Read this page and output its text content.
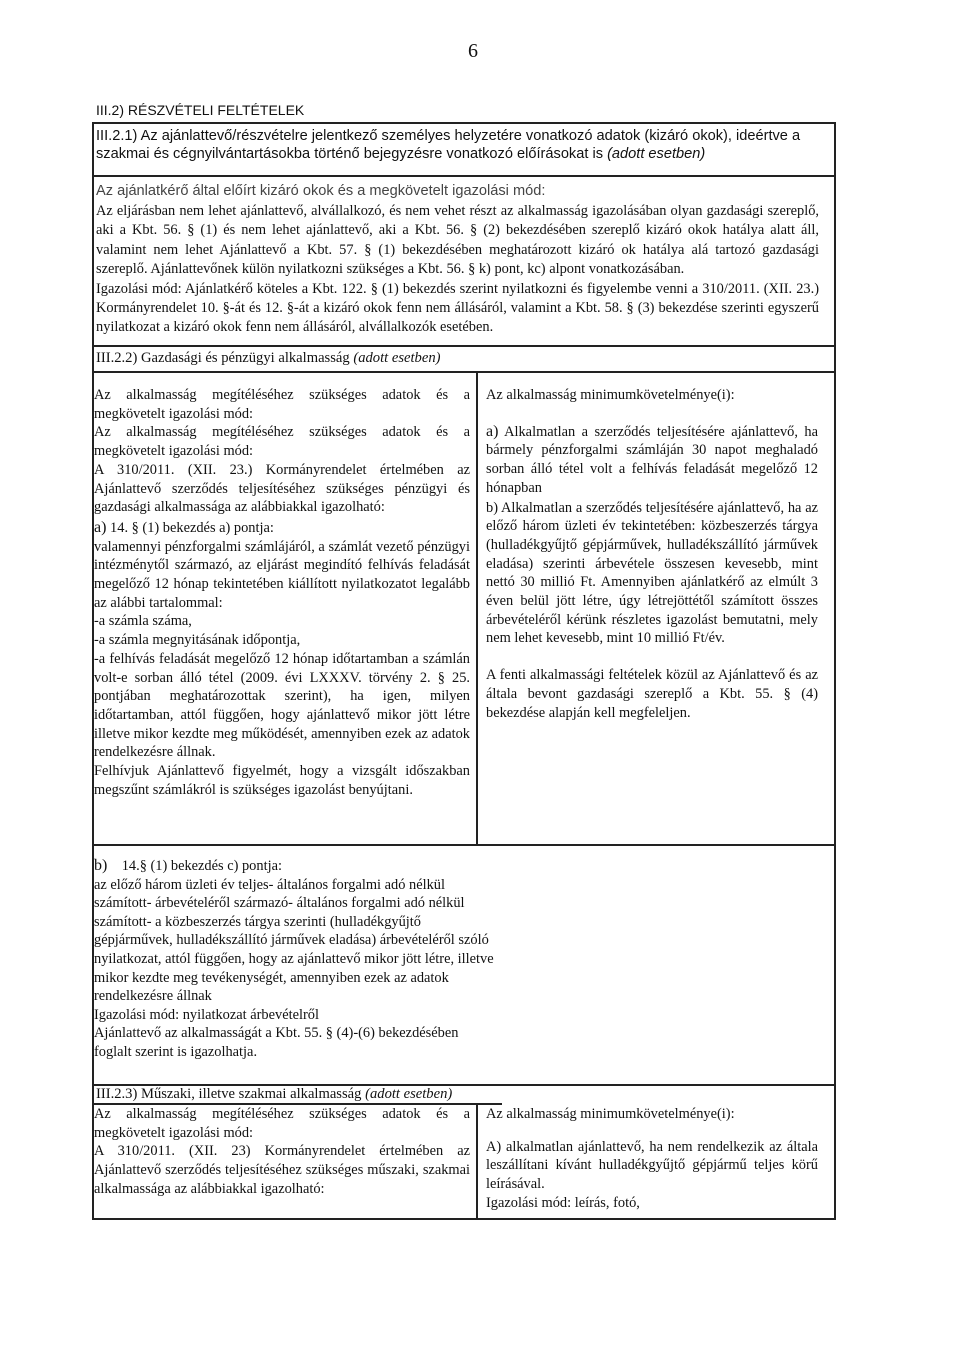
6
III.2) RÉSZVÉTELI FELTÉTELEK
III.2.1) Az ajánlattevő/részvételre jelentkező személyes helyzetére vonatkozó adatok (kizáró okok), ideértve a szakmai és cégnyilvántartásokba történő bejegyzésre vonatkozó előírásokat is (adott esetben)
Az ajánlatkérő által előírt kizáró okok és a megkövetelt igazolási mód:

Az eljárásban nem lehet ajánlattevő, alvállalkozó, és nem vehet részt az alkalmasság igazolásában olyan gazdasági szereplő, aki a Kbt. 56. § (1) és nem lehet ajánlattevő, aki a Kbt. 56. § (2) bekezdésében szereplő kizáró okok hatálya alatt áll, valamint nem lehet Ajánlattevő a Kbt. 57. § (1) bekezdésében meghatározott kizáró ok hatálya alá tartozó gazdasági szereplő. Ajánlattevőnek külön nyilatkozni szükséges a Kbt. 56. § k) pont, kc) alpont vonatkozásában.

Igazolási mód: Ajánlatkérő köteles a Kbt. 122. § (1) bekezdés szerint nyilatkozni és figyelembe venni a 310/2011. (XII. 23.) Kormányrendelet 10. §-át és 12. §-át a kizáró okok fenn nem állásáról, valamint a Kbt. 58. § (3) bekezdése szerinti egyszerű nyilatkozat a kizáró okok fenn nem állásáról, alvállalkozók esetében.

III.2.2) Gazdasági és pénzügyi alkalmasság (adott esetben)

Az alkalmasság megítéléséhez szükséges adatok és a megkövetelt igazolási mód:

Az alkalmasság megítéléséhez szükséges adatok és a megkövetelt igazolási mód:

A 310/2011. (XII. 23.) Kormányrendelet értelmében az Ajánlattevő szerződés teljesítéséhez szükséges pénzügyi és gazdasági alkalmassága az alábbiakkal igazolható:

a) 14. § (1) bekezdés a) pontja:

valamennyi pénzforgalmi számlájáról, a számlát vezető pénzügyi intézménytől származó, az eljárást megindító felhívás feladását megelőző 12 hónap tekintetében kiállított nyilatkozatot legalább az alábbi tartalommal:

-a számla száma,

-a számla megnyitásának időpontja,

-a felhívás feladását megelőző 12 hónap időtartamban a számlán volt-e sorban álló tétel (2009. évi LXXXV. törvény 2. § 25. pontjában meghatározottak szerint), ha igen, milyen időtartamban, attól függően, hogy ajánlattevő mikor jött létre illetve mikor kezdte meg működését, amennyiben ezek az adatok rendelkezésre állnak.

Felhívjuk Ajánlattevő figyelmét, hogy a vizsgált időszakban megszűnt számlákról is szükséges igazolást benyújtani.

Az alkalmasság minimumkövetelménye(i):

a) Alkalmatlan a szerződés teljesítésére ajánlattevő, ha bármely pénzforgalmi számláján 30 napot meghaladó sorban álló tétel volt a felhívás feladását megelőző 12 hónapban

b) Alkalmatlan a szerződés teljesítésére ajánlattevő, ha az előző három üzleti év tekintetében: közbeszerzés tárgya (hulladékgyűjtő gépjárművek, hulladékszállító járművek eladása) szerinti árbevétele összesen kevesebb, mint nettó 30 millió Ft. Amennyiben ajánlatkérő az elmúlt 3 éven belül jött létre, úgy létrejöttétől számított összes árbevételéről kérünk részletes igazolást bemutatni, mely nem lehet kevesebb, mint 10 millió Ft/év.

A fenti alkalmassági feltételek közül az Ajánlattevő és az általa bevont gazdasági szereplő a Kbt. 55. § (4) bekezdése alapján kell megfeleljen.

b) 14.§ (1) bekezdés c) pontja:

az előző három üzleti év teljes- általános forgalmi adó nélkül számított- árbevételéről származó- általános forgalmi adó nélkül számított- a közbeszerzés tárgya szerinti (hulladékgyűjtő gépjárművek, hulladékszállító járművek eladása) árbevételéről szóló nyilatkozat, attól függően, hogy az ajánlattevő mikor jött létre, illetve mikor kezdte meg tevékenységét, amennyiben ezek az adatok rendelkezésre állnak

Igazolási mód: nyilatkozat árbevételről

Ajánlattevő az alkalmasságát a Kbt. 55. § (4)-(6) bekezdésében foglalt szerint is igazolhatja.

III.2.3) Műszaki, illetve szakmai alkalmasság (adott esetben)

Az alkalmasság megítéléséhez szükséges adatok és a megkövetelt igazolási mód:

A 310/2011. (XII. 23) Kormányrendelet értelmében az Ajánlattevő szerződés teljesítéséhez szükséges műszaki, szakmai alkalmassága az alábbiakkal igazolható:

Az alkalmasság minimumkövetelménye(i):

A) alkalmatlan ajánlattevő, ha nem rendelkezik az általa leszállítani kívánt hulladékgyűjtő gépjármű teljes körű leírásával.

Igazolási mód: leírás, fotó,
